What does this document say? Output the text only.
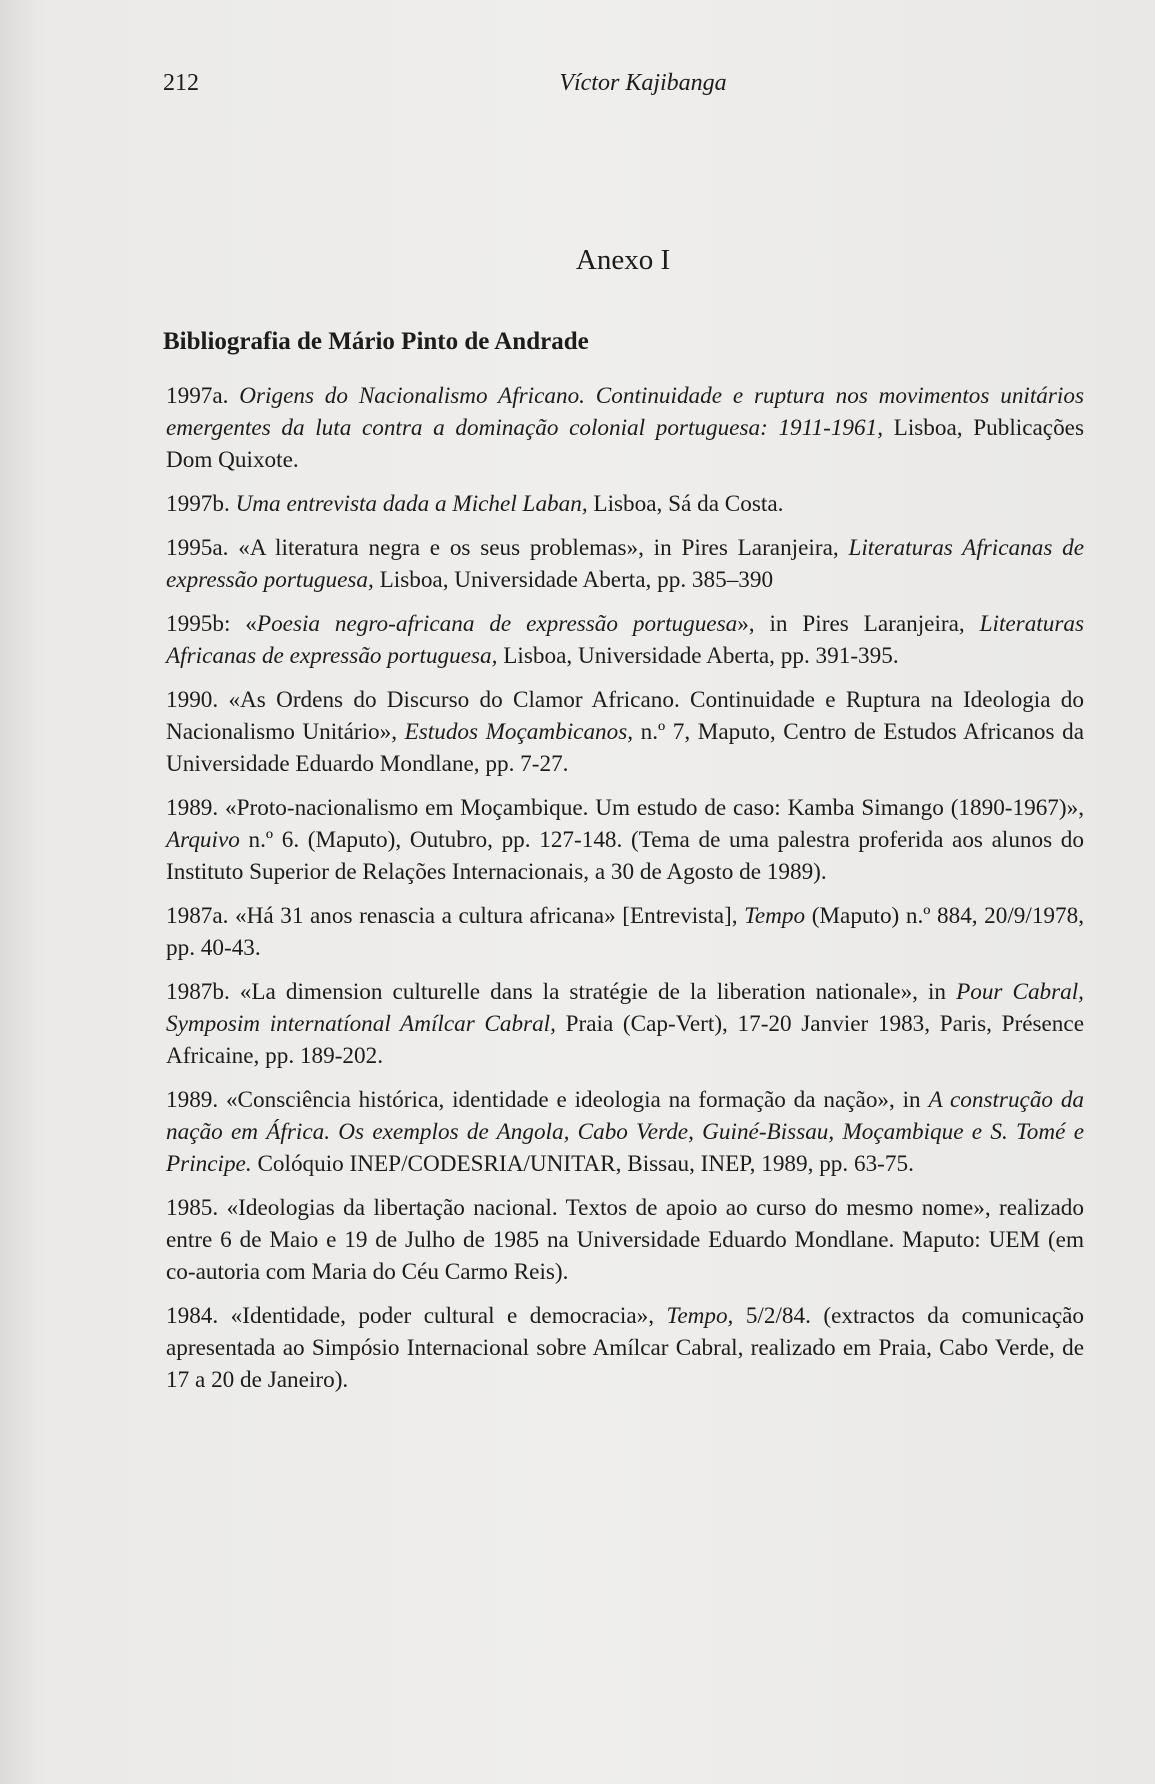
212	Víctor Kajibanga
Anexo I
Bibliografia de Mário Pinto de Andrade

1997a. Origens do Nacionalismo Africano. Continuidade e ruptura nos movimentos unitários emergentes da luta contra a dominação colonial portuguesa: 1911-1961, Lisboa, Publicações Dom Quixote.

1997b. Uma entrevista dada a Michel Laban, Lisboa, Sá da Costa.

1995a. «A literatura negra e os seus problemas», in Pires Laranjeira, Literaturas Africanas de expressão portuguesa, Lisboa, Universidade Aberta, pp. 385–390

1995b: «Poesia negro-africana de expressão portuguesa», in Pires Laranjeira, Literaturas Africanas de expressão portuguesa, Lisboa, Universidade Aberta, pp. 391-395.

1990. «As Ordens do Discurso do Clamor Africano. Continuidade e Ruptura na Ideologia do Nacionalismo Unitário», Estudos Moçambicanos, n.º 7, Maputo, Centro de Estudos Africanos da Universidade Eduardo Mondlane, pp. 7-27.

1989. «Proto-nacionalismo em Moçambique. Um estudo de caso: Kamba Simango (1890-1967)», Arquivo n.º 6. (Maputo), Outubro, pp. 127-148. (Tema de uma palestra proferida aos alunos do Instituto Superior de Relações Internacionais, a 30 de Agosto de 1989).

1987a. «Há 31 anos renascia a cultura africana» [Entrevista], Tempo (Maputo) n.º 884, 20/9/1978, pp. 40-43.

1987b. «La dimension culturelle dans la stratégie de la liberation nationale», in Pour Cabral, Symposim internatíonal Amílcar Cabral, Praia (Cap-Vert), 17-20 Janvier 1983, Paris, Présence Africaine, pp. 189-202.

1989. «Consciência histórica, identidade e ideologia na formação da nação», in A construção da nação em África. Os exemplos de Angola, Cabo Verde, Guiné-Bissau, Moçambique e S. Tomé e Principe. Colóquio INEP/CODESRIA/UNITAR, Bissau, INEP, 1989, pp. 63-75.

1985. «Ideologias da libertação nacional. Textos de apoio ao curso do mesmo nome», realizado entre 6 de Maio e 19 de Julho de 1985 na Universidade Eduardo Mondlane. Maputo: UEM (em co-autoria com Maria do Céu Carmo Reis).

1984. «Identidade, poder cultural e democracia», Tempo, 5/2/84. (extractos da comunicação apresentada ao Simpósio Internacional sobre Amílcar Cabral, realizado em Praia, Cabo Verde, de 17 a 20 de Janeiro).
